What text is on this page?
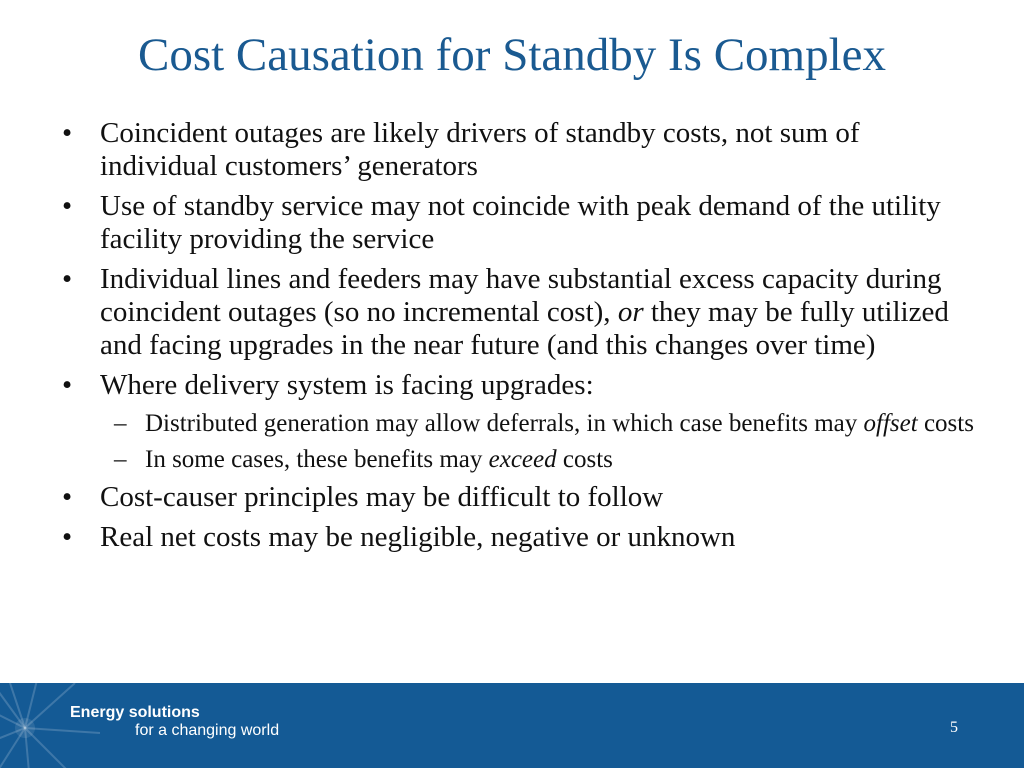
Cost Causation for Standby Is Complex
• Coincident outages are likely drivers of standby costs, not sum of individual customers’ generators
• Use of standby service may not coincide with peak demand of the utility facility providing the service
• Individual lines and feeders may have substantial excess capacity during coincident outages (so no incremental cost), or they may be fully utilized and facing upgrades in the near future (and this changes over time)
• Where delivery system is facing upgrades:
– Distributed generation may allow deferrals, in which case benefits may offset costs
– In some cases, these benefits may exceed costs
• Cost-causer principles may be difficult to follow
• Real net costs may be negligible, negative or unknown
Energy solutions
for a changing world	5
